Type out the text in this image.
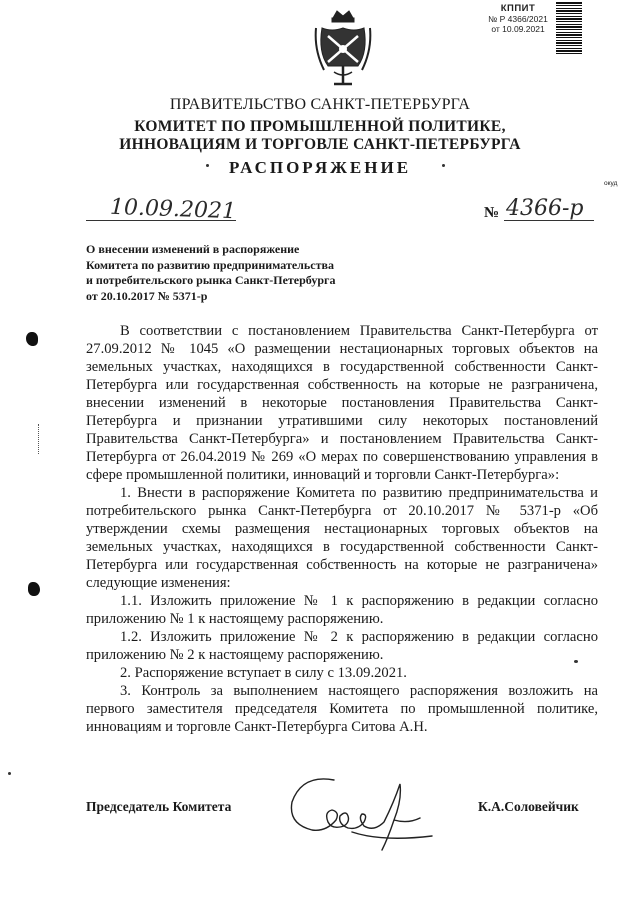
КППИТ
№ Р 4366/2021
от 10.09.2021
ПРАВИТЕЛЬСТВО САНКТ-ПЕТЕРБУРГА
КОМИТЕТ ПО ПРОМЫШЛЕННОЙ ПОЛИТИКЕ,
ИННОВАЦИЯМ И ТОРГОВЛЕ САНКТ-ПЕТЕРБУРГА
РАСПОРЯЖЕНИЕ
окуд
10.09.2021	№ 4366-р
О внесении изменений в распоряжение
Комитета по развитию предпринимательства
и потребительского рынка Санкт-Петербурга
от 20.10.2017 № 5371-р

В соответствии с постановлением Правительства Санкт-Петербурга от 27.09.2012 № 1045 «О размещении нестационарных торговых объектов на земельных участках, находящихся в государственной собственности Санкт-Петербурга или государственная собственность на которые не разграничена, внесении изменений в некоторые постановления Правительства Санкт-Петербурга и признании утратившими силу некоторых постановлений Правительства Санкт-Петербурга» и постановлением Правительства Санкт-Петербурга от 26.04.2019 № 269 «О мерах по совершенствованию управления в сфере промышленной политики, инноваций и торговли Санкт-Петербурга»:

1. Внести в распоряжение Комитета по развитию предпринимательства и потребительского рынка Санкт-Петербурга от 20.10.2017 № 5371-р «Об утверждении схемы размещения нестационарных торговых объектов на земельных участках, находящихся в государственной собственности Санкт-Петербурга или государственная собственность на которые не разграничена» следующие изменения:

1.1. Изложить приложение № 1 к распоряжению в редакции согласно приложению № 1 к настоящему распоряжению.

1.2. Изложить приложение № 2 к распоряжению в редакции согласно приложению № 2 к настоящему распоряжению.

2. Распоряжение вступает в силу с 13.09.2021.

3. Контроль за выполнением настоящего распоряжения возложить на первого заместителя председателя Комитета по промышленной политике, инновациям и торговле Санкт-Петербурга Ситова А.Н.

Председатель Комитета	К.А.Соловейчик
